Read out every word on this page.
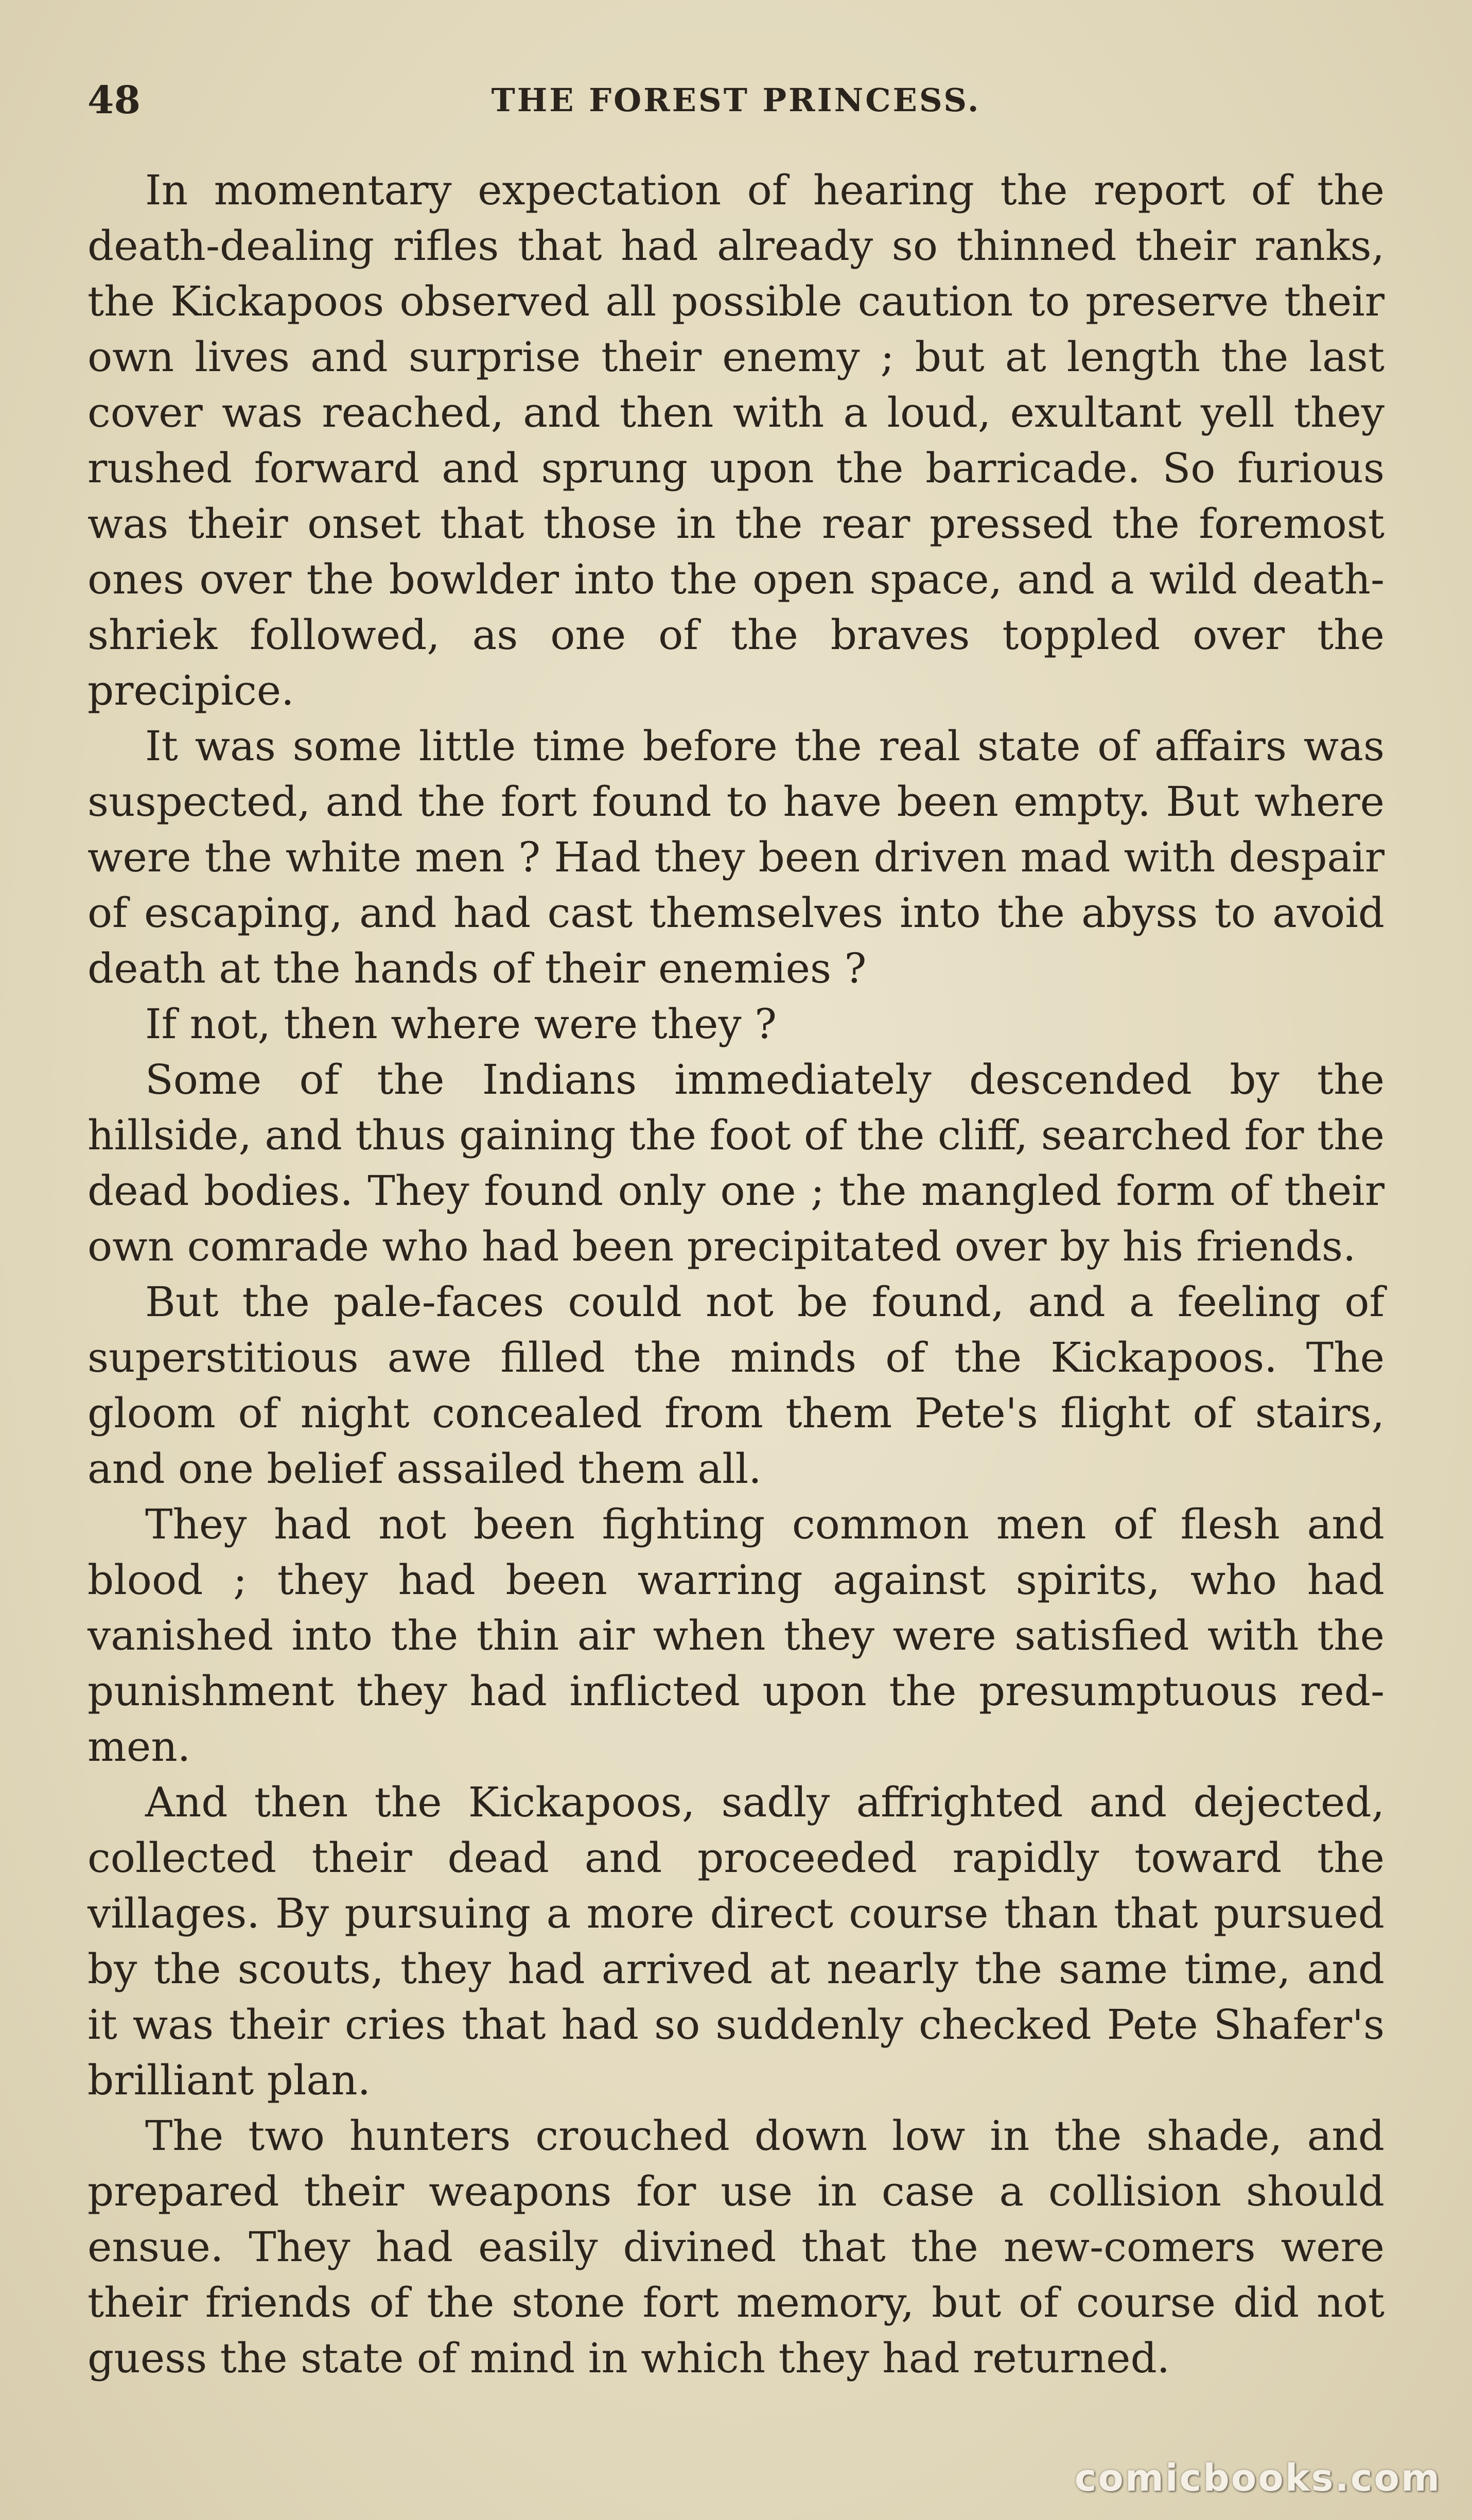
48	THE FOREST PRINCESS.

In momentary expectation of hearing the report of the death-dealing rifles that had already so thinned their ranks, the Kickapoos observed all possible caution to preserve their own lives and surprise their enemy ; but at length the last cover was reached, and then with a loud, exultant yell they rushed forward and sprung upon the barricade. So furious was their onset that those in the rear pressed the foremost ones over the bowlder into the open space, and a wild death-shriek followed, as one of the braves toppled over the precipice.

It was some little time before the real state of affairs was suspected, and the fort found to have been empty. But where were the white men ? Had they been driven mad with despair of escaping, and had cast themselves into the abyss to avoid death at the hands of their enemies ?

If not, then where were they ?

Some of the Indians immediately descended by the hillside, and thus gaining the foot of the cliff, searched for the dead bodies. They found only one ; the mangled form of their own comrade who had been precipitated over by his friends.

But the pale-faces could not be found, and a feeling of superstitious awe filled the minds of the Kickapoos. The gloom of night concealed from them Pete's flight of stairs, and one belief assailed them all.

They had not been fighting common men of flesh and blood ; they had been warring against spirits, who had vanished into the thin air when they were satisfied with the punishment they had inflicted upon the presumptuous red-men.

And then the Kickapoos, sadly affrighted and dejected, collected their dead and proceeded rapidly toward the villages. By pursuing a more direct course than that pursued by the scouts, they had arrived at nearly the same time, and it was their cries that had so suddenly checked Pete Shafer's brilliant plan.

The two hunters crouched down low in the shade, and prepared their weapons for use in case a collision should ensue. They had easily divined that the new-comers were their friends of the stone fort memory, but of course did not guess the state of mind in which they had returned.

comicbooks.com
